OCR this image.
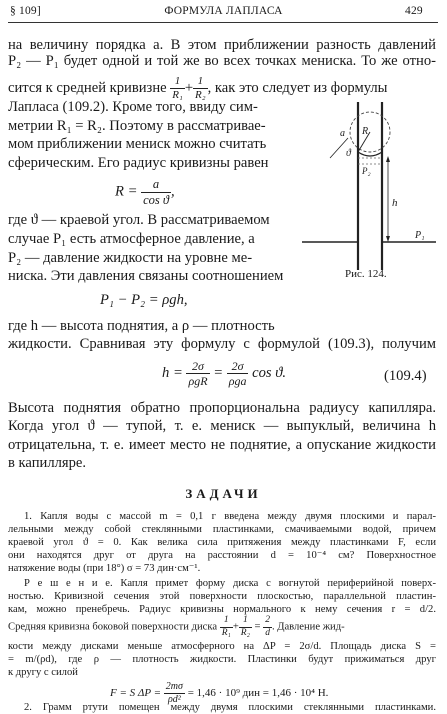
§ 109]	ФОРМУЛА ЛАПЛАСА	429
на величину порядка a. В этом приближении разность давлений
P₂ — P₁ будет одной и той же во всех точках мениска. То же отно-
сится к средней кривизне $\frac{1}{\text{R₁}} + \frac{1}{\text{R₂}}$ , как это следует из формулы
Лапласа (109.2). Кроме того, ввиду сим-
метрии R₁ = R₂. Поэтому в рассматривае-
мом приближении мениск можно считать
сферическим. Его радиус кривизны равен
$R = \frac{a}{\text{cos ϑ}}$ ,
где ϑ — краевой угол. В рассматриваемом
случае P₁ есть атмосферное давление, а
P₂ — давление жидкости на уровне ме-
ниска. Эти давления связаны соотношением
P₁ − P₂ = ρgh,
где h — высота поднятия, а ρ — плотность
жидкости. Сравнивая эту формулу с формулой (109.3), получим
$h = \frac{2\sigma}{\text{ρgR}} = \frac{2\sigma}{\text{ρga}}$ cos ϑ.	(109.4)
Высота поднятия обратно пропорциональна радиусу капилляра.
Когда угол ϑ — тупой, т. е. мениск — выпуклый, величина h
отрицательна, т. е. имеет место не поднятие, а опускание жидкости
в капилляре.
a R
ϑ
P₂
h
P₁
Рис. 124.
ЗАДАЧИ
1. Капля воды с массой m = 0,1 г введена между двумя плоскими и парал-
лельными между собой стеклянными пластинками, смачиваемыми водой, причем
краевой угол ϑ = 0. Как велика сила притяжения между пластинками F, если
они находятся друг от друга на расстоянии d = 10⁻⁴ см? Поверхностное
натяжение воды (при 18°) σ = 73 дин·см⁻¹.
Р е ш е н и е. Капля примет форму диска с вогнутой периферийной поверх-
ностью. Кривизной сечения этой поверхности плоскостью, параллельной пластин-
кам, можно пренебречь. Радиус кривизны нормального к нему сечения r = d/2.
Средняя кривизна боковой поверхности диска $\frac{1}{\text{R₁}} + \frac{1}{\text{R₂}} = \frac{2}{d}$ . Давление жид-
кости между дисками меньше атмосферного на ΔP = 2σ/d. Площадь диска S =
= m/(ρd), где ρ — плотность жидкости. Пластинки будут прижиматься друг
к другу с силой
F = S $\Delta P = \frac{2m\sigma}{\text{ρd²}} = 1,46 \cdot 10^9$ дин = 1,46 · 10⁴ Н.
2. Грамм ртути помещен между двумя плоскими стеклянными пластинками.
